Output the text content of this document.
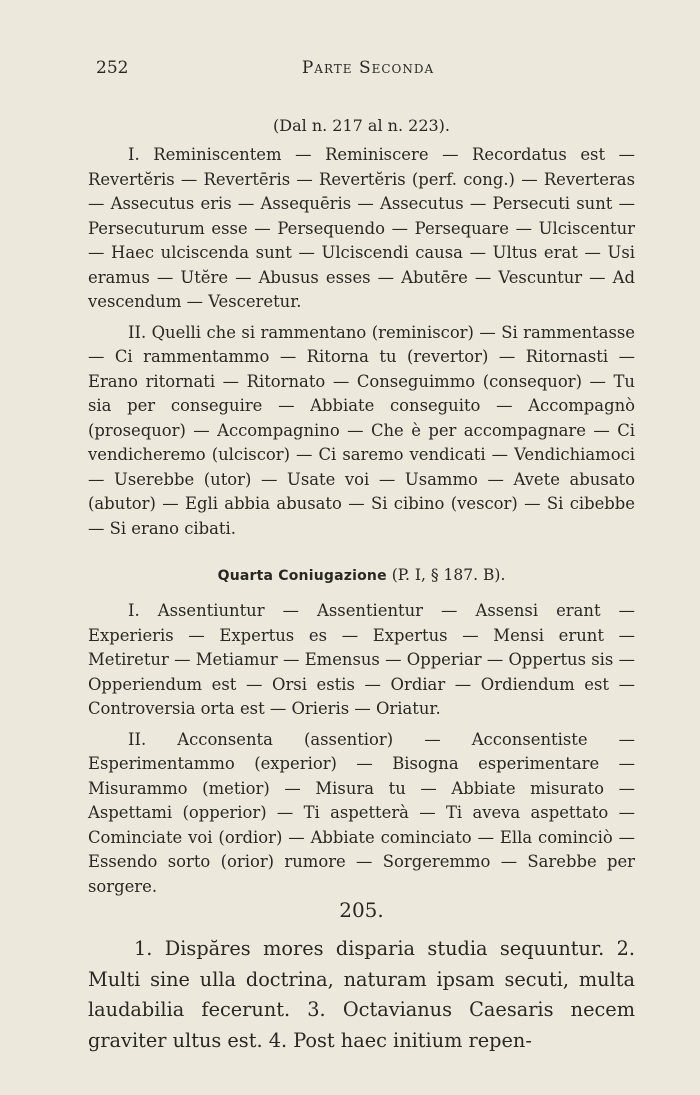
252	Parte Seconda
(Dal n. 217 al n. 223).

I. Reminiscentem — Reminiscere — Recordatus est — Revertĕris — Revertēris — Revertĕris (perf. cong.) — Reverteras — Assecutus eris — Assequēris — Assecutus — Persecuti sunt — Persecuturum esse — Persequendo — Persequare — Ulciscentur — Haec ulciscenda sunt — Ulciscendi causa — Ultus erat — Usi eramus — Utĕre — Abusus esses — Abutēre — Vescuntur — Ad vescendum — Vesceretur.

II. Quelli che si rammentano (reminiscor) — Si rammentasse — Ci rammentammo — Ritorna tu (revertor) — Ritornasti — Erano ritornati — Ritornato — Conseguimmo (consequor) — Tu sia per conseguire — Abbiate conseguito — Accompagnò (prosequor) — Accompagnino — Che è per accompagnare — Ci vendicheremo (ulciscor) — Ci saremo vendicati — Vendichiamoci — Userebbe (utor) — Usate voi — Usammo — Avete abusato (abutor) — Egli abbia abusato — Si cibino (vescor) — Si cibebbe — Si erano cibati.

Quarta Coniugazione (P. I, § 187. B).

I. Assentiuntur — Assentientur — Assensi erant — Experieris — Expertus es — Expertus — Mensi erunt — Metiretur — Metiamur — Emensus — Opperiar — Oppertus sis — Opperiendum est — Orsi estis — Ordiar — Ordiendum est — Controversia orta est — Orieris — Oriatur.

II. Acconsenta (assentior) — Acconsentiste — Esperimentammo (experior) — Bisogna esperimentare — Misurammo (metior) — Misura tu — Abbiate misurato — Aspettami (opperior) — Ti aspetterà — Ti aveva aspettato — Cominciate voi (ordior) — Abbiate cominciato — Ella cominciò — Essendo sorto (orior) rumore — Sorgeremmo — Sarebbe per sorgere.

205.

1. Dispăres mores disparia studia sequuntur. 2. Multi sine ulla doctrina, naturam ipsam secuti, multa laudabilia fecerunt. 3. Octavianus Caesaris necem graviter ultus est. 4. Post haec initium repen-
